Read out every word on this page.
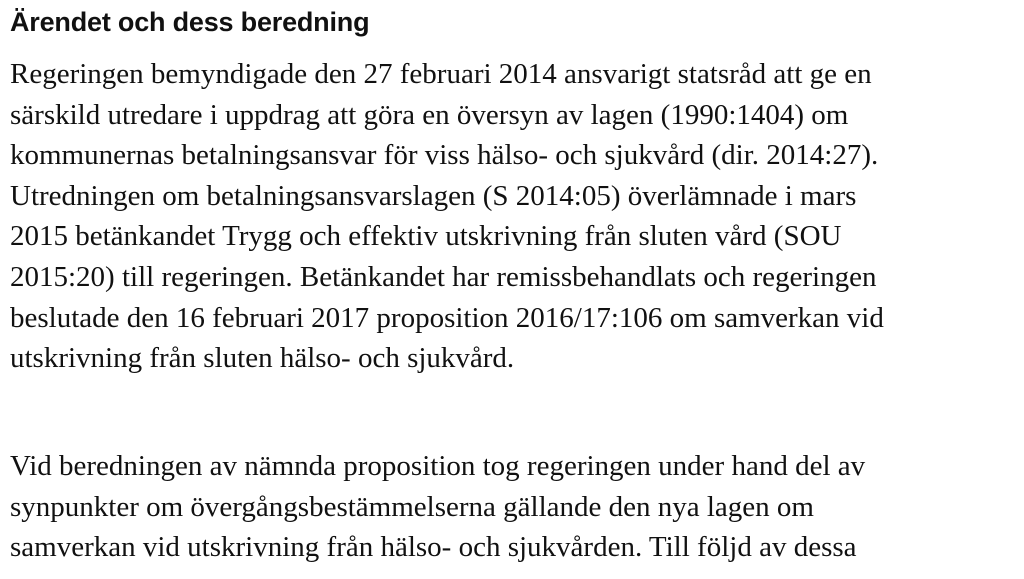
Ärendet och dess beredning

Regeringen bemyndigade den 27 februari 2014 ansvarigt statsråd att ge en
särskild utredare i uppdrag att göra en översyn av lagen (1990:1404) om
kommunernas betalningsansvar för viss hälso- och sjukvård (dir. 2014:27).
Utredningen om betalningsansvarslagen (S 2014:05) överlämnade i mars
2015 betänkandet Trygg och effektiv utskrivning från sluten vård (SOU
2015:20) till regeringen. Betänkandet har remissbehandlats och regeringen
beslutade den 16 februari 2017 proposition 2016/17:106 om samverkan vid
utskrivning från sluten hälso- och sjukvård.

Vid beredningen av nämnda proposition tog regeringen under hand del av
synpunkter om övergångsbestämmelserna gällande den nya lagen om
samverkan vid utskrivning från hälso- och sjukvården. Till följd av dessa
